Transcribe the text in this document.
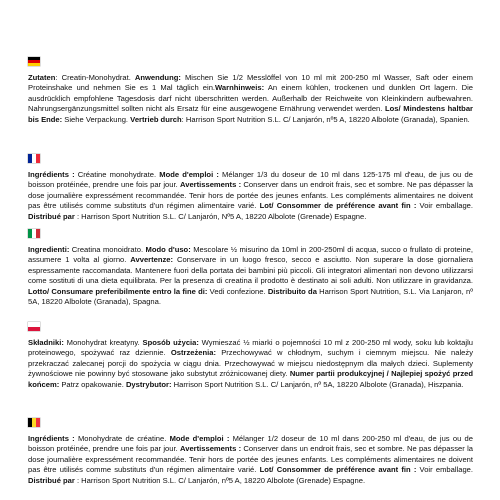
Zutaten: Creatin-Monohydrat. Anwendung: Mischen Sie 1/2 Messlöffel von 10 ml mit 200-250 ml Wasser, Saft oder einem Proteinshake und nehmen Sie es 1 Mal täglich ein.Warnhinweis: An einem kühlen, trockenen und dunklen Ort lagern. Die ausdrücklich empfohlene Tagesdosis darf nicht überschritten werden. Außerhalb der Reichweite von Kleinkindern aufbewahren. Nahrungsergänzungsmittel sollten nicht als Ersatz für eine ausgewogene Ernährung verwendet werden. Los/ Mindestens haltbar bis Ende: Siehe Verpackung. Vertrieb durch: Harrison Sport Nutrition S.L. C/ Lanjarón, nº5 A, 18220 Albolote (Granada), Spanien.

Ingrédients : Créatine monohydrate. Mode d'emploi : Mélanger 1/3 du doseur de 10 ml dans 125-175 ml d'eau, de jus ou de boisson protéinée, prendre une fois par jour. Avertissements : Conserver dans un endroit frais, sec et sombre. Ne pas dépasser la dose journalière expressément recommandée. Tenir hors de portée des jeunes enfants. Les compléments alimentaires ne doivent pas être utilisés comme substituts d'un régimen alimentaire varié. Lot/ Consommer de préférence avant fin : Voir emballage. Distribué par : Harrison Sport Nutrition S.L. C/ Lanjarón, Nº5 A, 18220 Albolote (Grenade) Espagne.

Ingredienti: Creatina monoidrato. Modo d'uso: Mescolare ½ misurino da 10ml in 200-250ml di acqua, succo o frullato di proteine, assumere 1 volta al giorno. Avvertenze: Conservare in un luogo fresco, secco e asciutto. Non superare la dose giornaliera espressamente raccomandata. Mantenere fuori della portata dei bambini più piccoli. Gli integratori alimentari non devono utilizzarsi come sostituti di una dieta equilibrata. Per la presenza di creatina il prodotto è destinato ai soli adulti. Non utilizzare in gravidanza. Lotto/ Consumare preferibilmente entro la fine di: Vedi confezione. Distribuito da Harrison Sport Nutrition, S.L. Via Lanjaron, nº 5A, 18220 Albolote (Granada), Spagna.

Składniki: Monohydrat kreatyny. Sposób użycia: Wymieszać ½ miarki o pojemności 10 ml z 200-250 ml wody, soku lub koktajlu proteinowego, spożywać raz dziennie. Ostrzeżenia: Przechowywać w chłodnym, suchym i ciemnym miejscu. Nie należy przekraczać zalecanej porcji do spożycia w ciągu dnia. Przechowywać w miejscu niedostępnym dla małych dzieci. Suplementy żywnościowe nie powinny być stosowane jako substytut zróżnicowanej diety. Numer partii produkcyjnej / Najlepiej spożyć przed końcem: Patrz opakowanie. Dystrybutor: Harrison Sport Nutrition S.L. C/ Lanjarón, nº 5A, 18220 Albolote (Granada), Hiszpania.

Ingrédients : Monohydrate de créatine. Mode d'emploi : Mélanger 1/2 doseur de 10 ml dans 200-250 ml d'eau, de jus ou de boisson protéinée, prendre une fois par jour. Avertissements : Conserver dans un endroit frais, sec et sombre. Ne pas dépasser la dose journalière expressément recommandée. Tenir hors de portée des jeunes enfants. Les compléments alimentaires ne doivent pas être utilisés comme substituts d'un régimen alimentaire varié. Lot/ Consommer de préférence avant fin : Voir emballage. Distribué par : Harrison Sport Nutrition S.L. C/ Lanjarón, nº5 A, 18220 Albolote (Grenade) Espagne.
